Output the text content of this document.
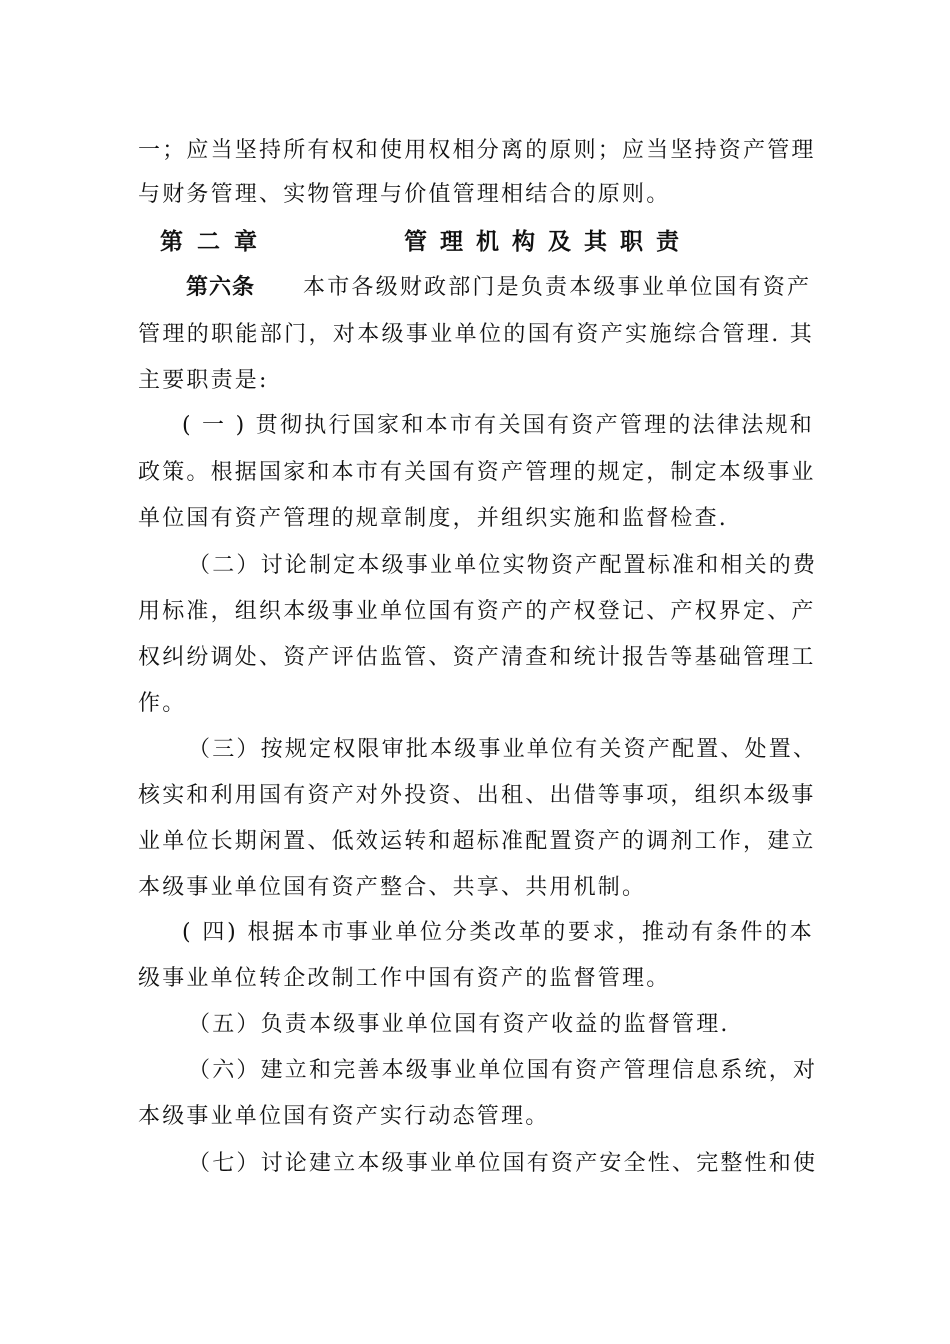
一；应当坚持所有权和使用权相分离的原则；应当坚持资产管理
与财务管理、实物管理与价值管理相结合的原则。
第二章	管理机构及其职责
第六条 本市各级财政部门是负责本级事业单位国有资产
管理的职能部门，对本级事业单位的国有资产实施综合管理. 其
主要职责是:
( 一 ) 贯彻执行国家和本市有关国有资产管理的法律法规和
政策。根据国家和本市有关国有资产管理的规定，制定本级事业
单位国有资产管理的规章制度，并组织实施和监督检查.
（二）讨论制定本级事业单位实物资产配置标准和相关的费
用标准，组织本级事业单位国有资产的产权登记、产权界定、产
权纠纷调处、资产评估监管、资产清查和统计报告等基础管理工
作。
（三）按规定权限审批本级事业单位有关资产配置、处置、
核实和利用国有资产对外投资、出租、出借等事项，组织本级事
业单位长期闲置、低效运转和超标准配置资产的调剂工作，建立
本级事业单位国有资产整合、共享、共用机制。
( 四) 根据本市事业单位分类改革的要求，推动有条件的本
级事业单位转企改制工作中国有资产的监督管理。
（五）负责本级事业单位国有资产收益的监督管理.
（六）建立和完善本级事业单位国有资产管理信息系统，对
本级事业单位国有资产实行动态管理。
（七）讨论建立本级事业单位国有资产安全性、完整性和使
